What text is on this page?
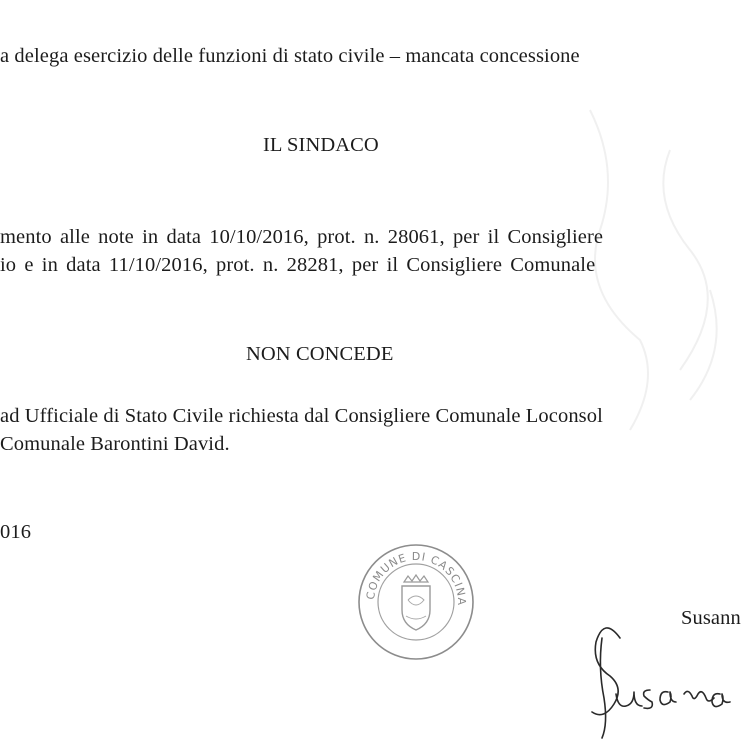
a delega esercizio delle funzioni di stato civile – mancata concessione
IL SINDACO
mento alle note in data 10/10/2016, prot. n. 28061, per il Consigliere
io e in data 11/10/2016, prot. n. 28281, per il Consigliere Comunale
NON CONCEDE
ad Ufficiale di Stato Civile richiesta dal Consigliere Comunale Loconsol
Comunale Barontini David.
016
Susann
COMUNE DI CASCINA
